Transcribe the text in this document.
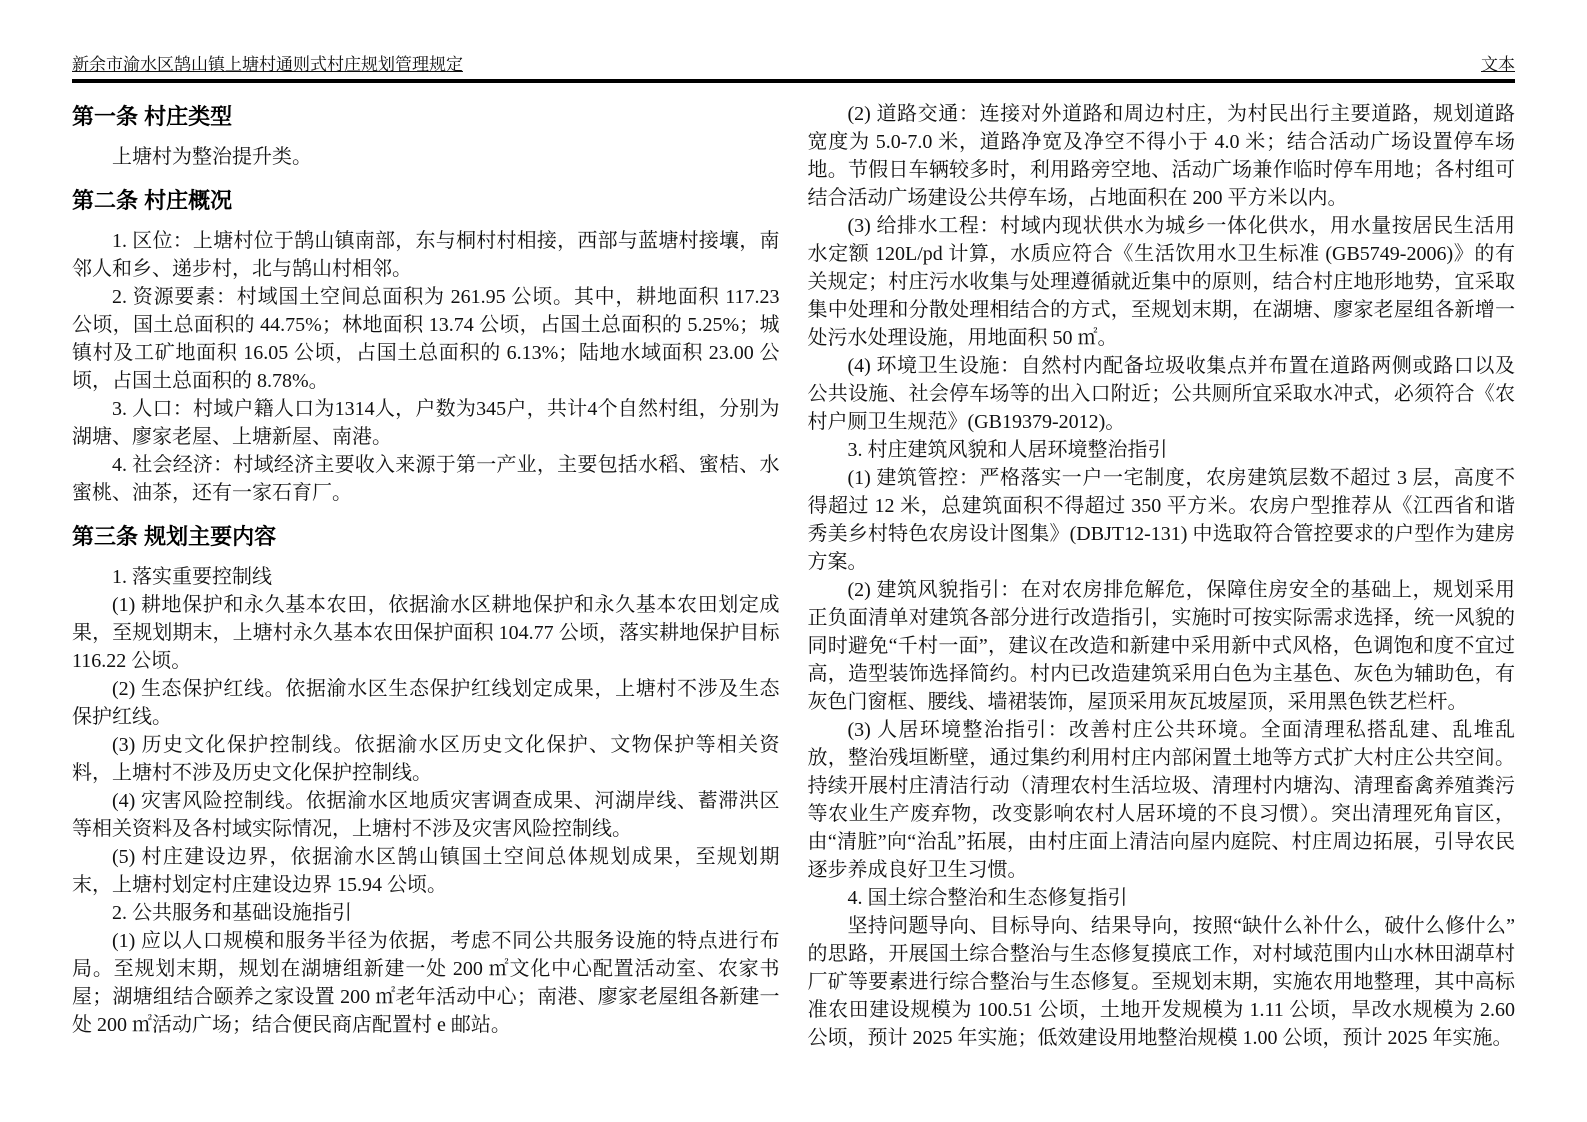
新余市渝水区鹄山镇上塘村通则式村庄规划管理规定	文本
第一条 村庄类型

上塘村为整治提升类。

第二条 村庄概况

1. 区位：上塘村位于鹄山镇南部，东与桐村村相接，西部与蓝塘村接壤，南邻人和乡、递步村，北与鹄山村相邻。

2. 资源要素：村域国土空间总面积为 261.95 公顷。其中，耕地面积 117.23 公顷，国土总面积的 44.75%；林地面积 13.74 公顷，占国土总面积的 5.25%；城镇村及工矿地面积 16.05 公顷，占国土总面积的 6.13%；陆地水域面积 23.00 公顷，占国土总面积的 8.78%。

3. 人口：村域户籍人口为1314人，户数为345户，共计4个自然村组，分别为湖塘、廖家老屋、上塘新屋、南港。

4. 社会经济：村域经济主要收入来源于第一产业，主要包括水稻、蜜桔、水蜜桃、油茶，还有一家石育厂。

第三条 规划主要内容

1. 落实重要控制线

(1) 耕地保护和永久基本农田，依据渝水区耕地保护和永久基本农田划定成果，至规划期末，上塘村永久基本农田保护面积 104.77 公顷，落实耕地保护目标 116.22 公顷。

(2) 生态保护红线。依据渝水区生态保护红线划定成果，上塘村不涉及生态保护红线。

(3) 历史文化保护控制线。依据渝水区历史文化保护、文物保护等相关资料，上塘村不涉及历史文化保护控制线。

(4) 灾害风险控制线。依据渝水区地质灾害调查成果、河湖岸线、蓄滞洪区等相关资料及各村域实际情况，上塘村不涉及灾害风险控制线。

(5) 村庄建设边界，依据渝水区鹄山镇国土空间总体规划成果，至规划期末，上塘村划定村庄建设边界 15.94 公顷。

2. 公共服务和基础设施指引

(1) 应以人口规模和服务半径为依据，考虑不同公共服务设施的特点进行布局。至规划末期，规划在湖塘组新建一处 200 ㎡文化中心配置活动室、农家书屋；湖塘组结合颐养之家设置 200 ㎡老年活动中心；南港、廖家老屋组各新建一处 200 ㎡活动广场；结合便民商店配置村 e 邮站。

(2) 道路交通：连接对外道路和周边村庄，为村民出行主要道路，规划道路宽度为 5.0-7.0 米，道路净宽及净空不得小于 4.0 米；结合活动广场设置停车场地。节假日车辆较多时，利用路旁空地、活动广场兼作临时停车用地；各村组可结合活动广场建设公共停车场，占地面积在 200 平方米以内。

(3) 给排水工程：村域内现状供水为城乡一体化供水，用水量按居民生活用水定额 120L/pd 计算，水质应符合《生活饮用水卫生标准 (GB5749-2006)》的有关规定；村庄污水收集与处理遵循就近集中的原则，结合村庄地形地势，宜采取集中处理和分散处理相结合的方式，至规划末期，在湖塘、廖家老屋组各新增一处污水处理设施，用地面积 50 ㎡。

(4) 环境卫生设施：自然村内配备垃圾收集点并布置在道路两侧或路口以及公共设施、社会停车场等的出入口附近；公共厕所宜采取水冲式，必须符合《农村户厕卫生规范》(GB19379-2012)。

3. 村庄建筑风貌和人居环境整治指引

(1) 建筑管控：严格落实一户一宅制度，农房建筑层数不超过 3 层，高度不得超过 12 米，总建筑面积不得超过 350 平方米。农房户型推荐从《江西省和谐秀美乡村特色农房设计图集》(DBJT12-131) 中选取符合管控要求的户型作为建房方案。

(2) 建筑风貌指引：在对农房排危解危，保障住房安全的基础上，规划采用正负面清单对建筑各部分进行改造指引，实施时可按实际需求选择，统一风貌的同时避免“千村一面”，建议在改造和新建中采用新中式风格，色调饱和度不宜过高，造型装饰选择简约。村内已改造建筑采用白色为主基色、灰色为辅助色，有灰色门窗框、腰线、墙裙装饰，屋顶采用灰瓦坡屋顶，采用黑色铁艺栏杆。

(3) 人居环境整治指引：改善村庄公共环境。全面清理私搭乱建、乱堆乱放，整治残垣断壁，通过集约利用村庄内部闲置土地等方式扩大村庄公共空间。持续开展村庄清洁行动（清理农村生活垃圾、清理村内塘沟、清理畜禽养殖粪污等农业生产废弃物，改变影响农村人居环境的不良习惯）。突出清理死角盲区，由“清脏”向“治乱”拓展，由村庄面上清洁向屋内庭院、村庄周边拓展，引导农民逐步养成良好卫生习惯。

4. 国土综合整治和生态修复指引

坚持问题导向、目标导向、结果导向，按照“缺什么补什么，破什么修什么”的思路，开展国土综合整治与生态修复摸底工作，对村域范围内山水林田湖草村厂矿等要素进行综合整治与生态修复。至规划末期，实施农用地整理，其中高标准农田建设规模为 100.51 公顷，土地开发规模为 1.11 公顷，旱改水规模为 2.60 公顷，预计 2025 年实施；低效建设用地整治规模 1.00 公顷，预计 2025 年实施。
